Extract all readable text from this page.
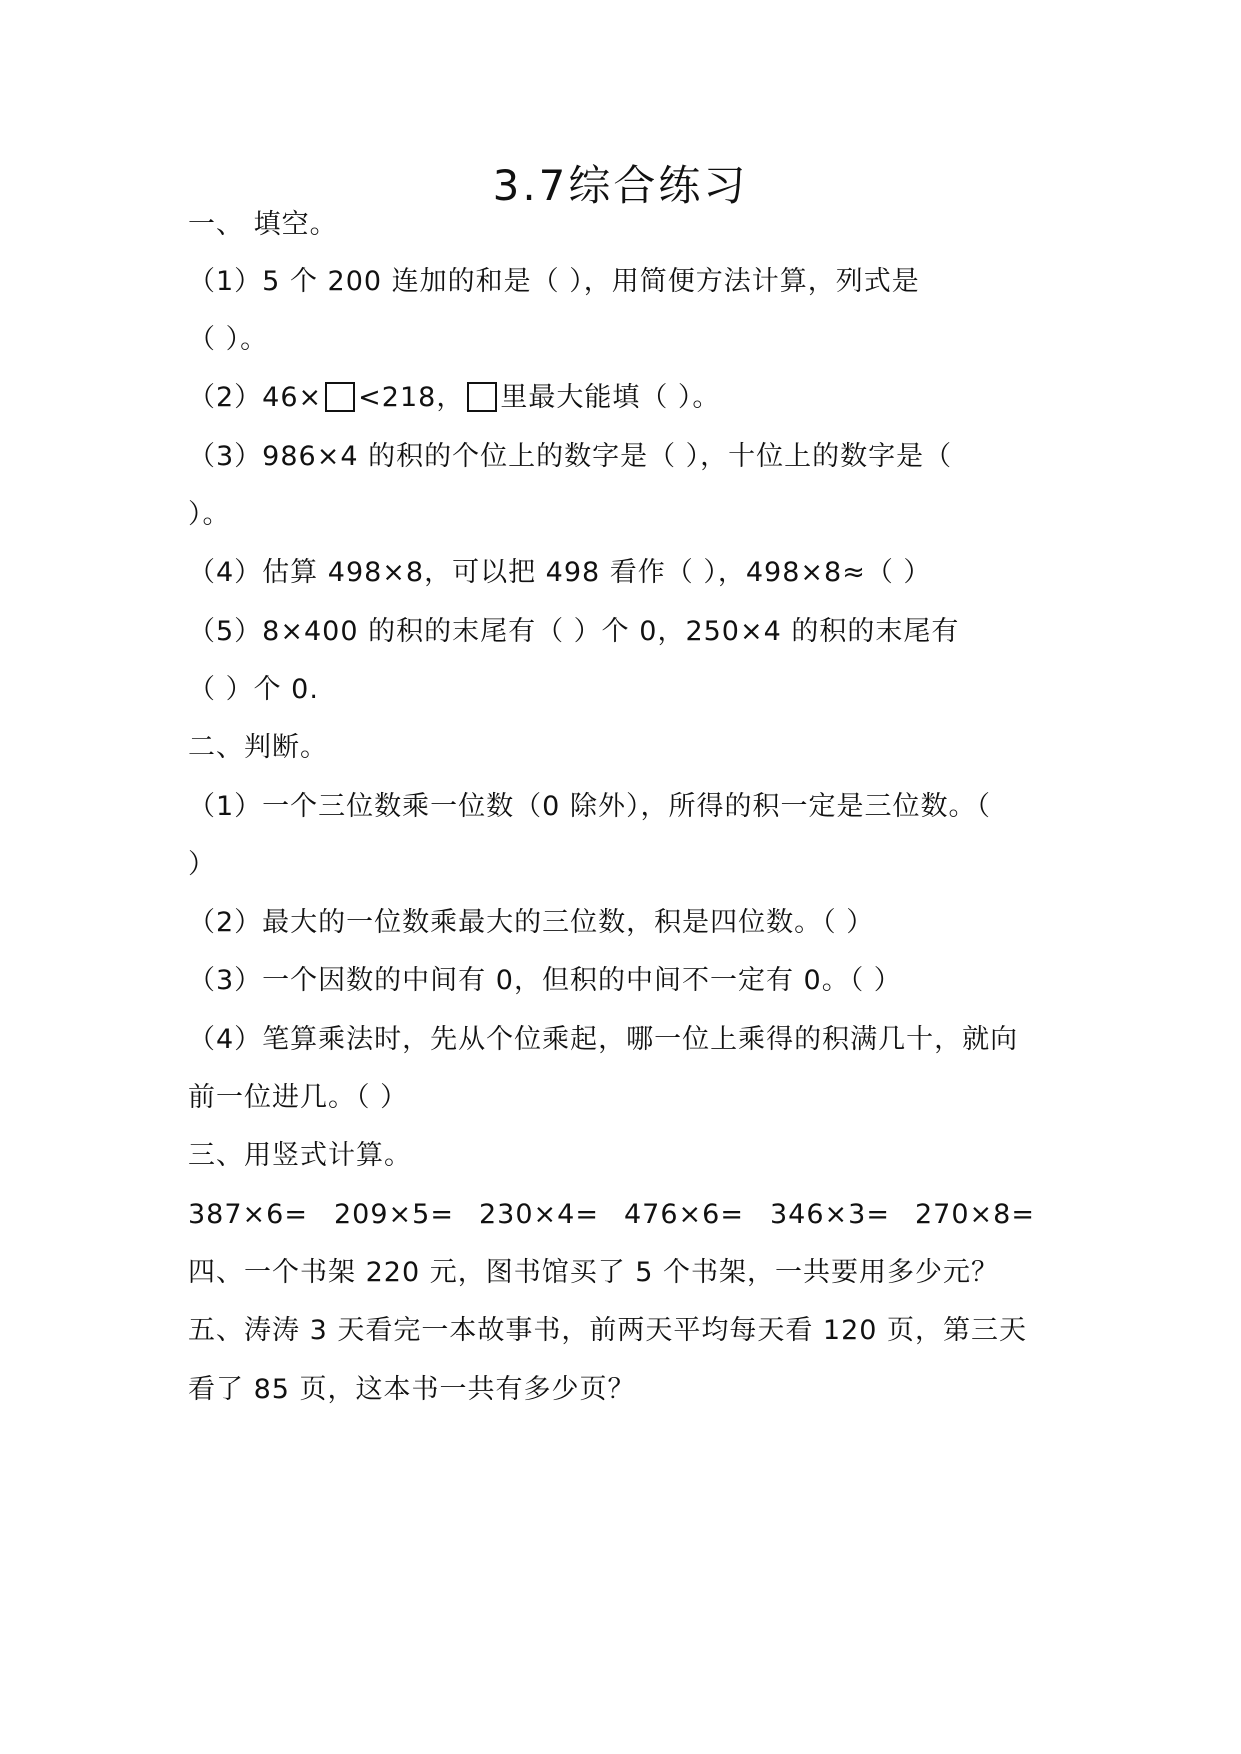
3.7综合练习
一、 填空。
（1）5 个 200 连加的和是（ ），用简便方法计算，列式是
（ ）。
（2）46× <218， 里最大能填（ ）。
（3）986×4 的积的个位上的数字是（ ），十位上的数字是（
）。
（4）估算 498×8，可以把 498 看作（ ），498×8≈（ ）
（5）8×400 的积的末尾有（ ）个 0，250×4 的积的末尾有
（ ）个 0.
二、判断。
（1）一个三位数乘一位数（0 除外），所得的积一定是三位数。（
）
（2）最大的一位数乘最大的三位数，积是四位数。（ ）
（3）一个因数的中间有 0，但积的中间不一定有 0。（ ）
（4）笔算乘法时，先从个位乘起，哪一位上乘得的积满几十，就向
前一位进几。（ ）
三、用竖式计算。
387×6= 209×5= 230×4= 476×6= 346×3= 270×8=
四、一个书架 220 元，图书馆买了 5 个书架，一共要用多少元？
五、涛涛 3 天看完一本故事书，前两天平均每天看 120 页，第三天
看了 85 页，这本书一共有多少页？
